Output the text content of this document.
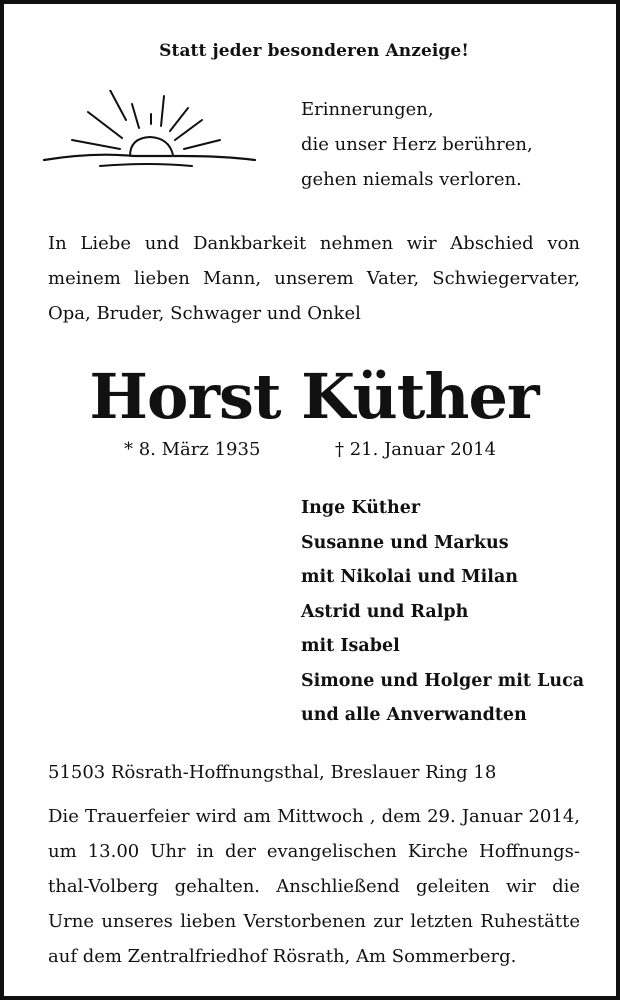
Statt jeder besonderen Anzeige!
Erinnerungen,
die unser Herz berühren,
gehen niemals verloren.
In Liebe und Dankbarkeit nehmen wir Abschied von
meinem lieben Mann, unserem Vater, Schwiegervater,
Opa, Bruder, Schwager und Onkel
Horst Küther
* 8. März 1935	† 21. Januar 2014
Inge Küther
Susanne und Markus
mit Nikolai und Milan
Astrid und Ralph
mit Isabel
Simone und Holger mit Luca
und alle Anverwandten
51503 Rösrath-Hoffnungsthal, Breslauer Ring 18
Die Trauerfeier wird am Mittwoch , dem 29. Januar 2014,
um 13.00 Uhr in der evangelischen Kirche Hoffnungs-
thal-Volberg gehalten. Anschließend geleiten wir die
Urne unseres lieben Verstorbenen zur letzten Ruhestätte
auf dem Zentralfriedhof Rösrath, Am Sommerberg.
